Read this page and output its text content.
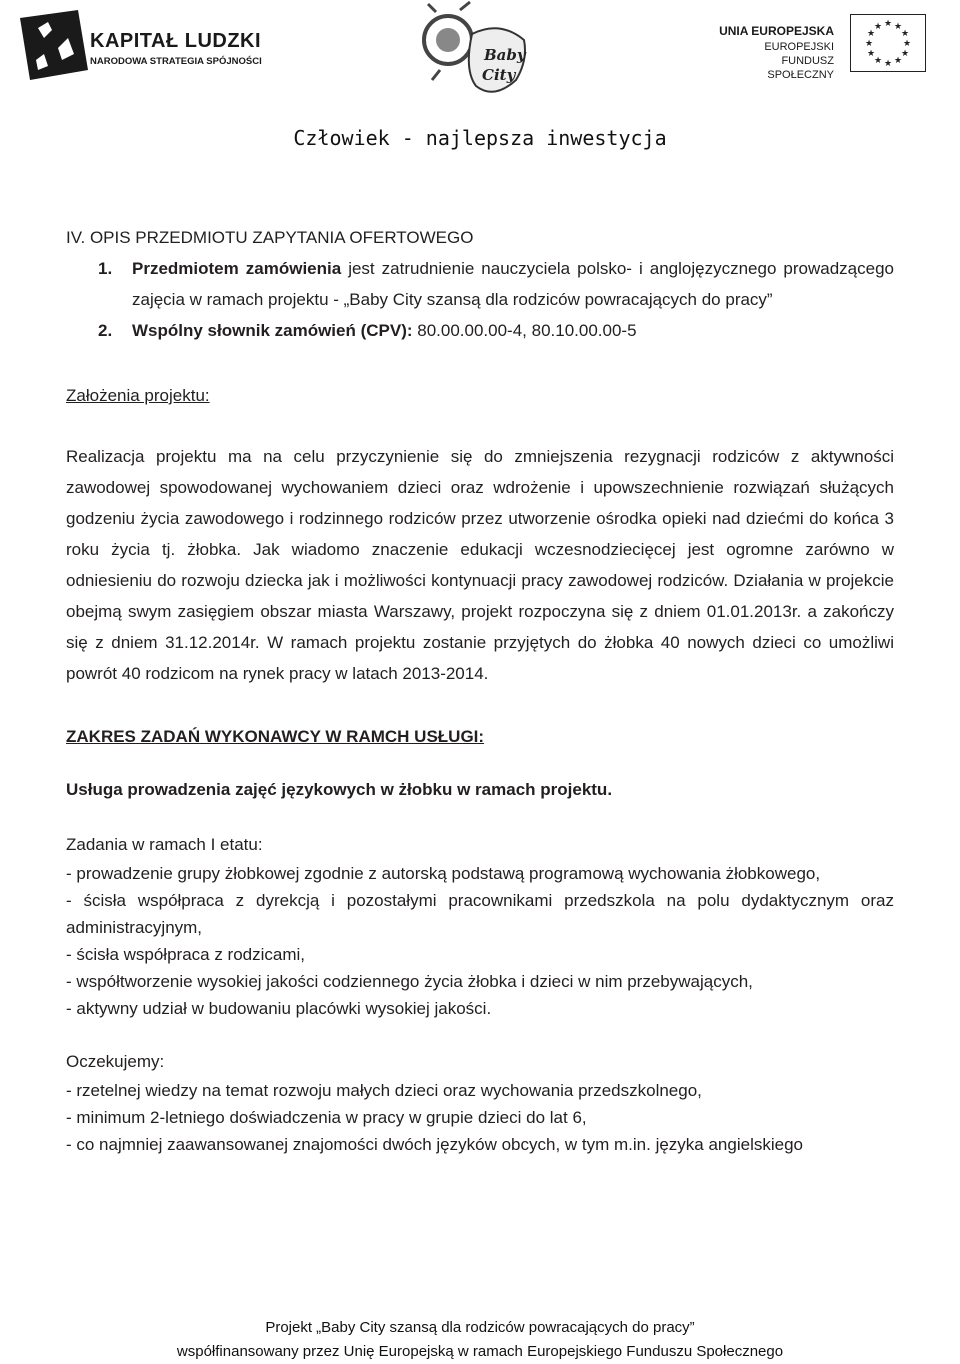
KAPITAŁ LUDZKI
NARODOWA STRATEGIA SPÓJNOŚCI	Baby
City
UNIA EUROPEJSKA
EUROPEJSKI
FUNDUSZ SPOŁECZNY
★ ★
★
★
★
★
★
★
★
★
★
★
Człowiek - najlepsza inwestycja

IV. OPIS PRZEDMIOTU ZAPYTANIA OFERTOWEGO

1. Przedmiotem zamówienia jest zatrudnienie nauczyciela polsko- i anglojęzycznego prowadzącego zajęcia w ramach projektu - „Baby City szansą dla rodziców powracających do pracy”
2. Wspólny słownik zamówień (CPV): 80.00.00.00-4, 80.10.00.00-5

Założenia projektu:

Realizacja projektu ma na celu przyczynienie się do zmniejszenia rezygnacji rodziców z aktywności zawodowej spowodowanej wychowaniem dzieci oraz wdrożenie i upowszechnienie rozwiązań służących godzeniu życia zawodowego i rodzinnego rodziców przez utworzenie ośrodka opieki nad dziećmi do końca 3 roku życia tj. żłobka. Jak wiadomo znaczenie edukacji wczesnodziecięcej jest ogromne zarówno w odniesieniu do rozwoju dziecka jak i możliwości kontynuacji pracy zawodowej rodziców. Działania w projekcie obejmą swym zasięgiem obszar miasta Warszawy, projekt rozpoczyna się z dniem 01.01.2013r. a zakończy się z dniem 31.12.2014r. W ramach projektu zostanie przyjętych do żłobka 40 nowych dzieci co umożliwi powrót 40 rodzicom na rynek pracy w latach 2013-2014.

ZAKRES ZADAŃ WYKONAWCY W RAMCH USŁUGI:

Usługa prowadzenia zajęć językowych w żłobku w ramach projektu.

Zadania w ramach I etatu:

- prowadzenie grupy żłobkowej zgodnie z autorską podstawą programową wychowania żłobkowego,

- ścisła współpraca z dyrekcją i pozostałymi pracownikami przedszkola na polu dydaktycznym oraz administracyjnym,

- ścisła współpraca z rodzicami,

- współtworzenie wysokiej jakości codziennego życia żłobka i dzieci w nim przebywających,

- aktywny udział w budowaniu placówki wysokiej jakości.

Oczekujemy:

- rzetelnej wiedzy na temat rozwoju małych dzieci oraz wychowania przedszkolnego,

- minimum 2-letniego doświadczenia w pracy w grupie dzieci do lat 6,

- co najmniej zaawansowanej znajomości dwóch języków obcych, w tym m.in. języka angielskiego

Projekt „Baby City szansą dla rodziców powracających do pracy”
współfinansowany przez Unię Europejską w ramach Europejskiego Funduszu Społecznego
